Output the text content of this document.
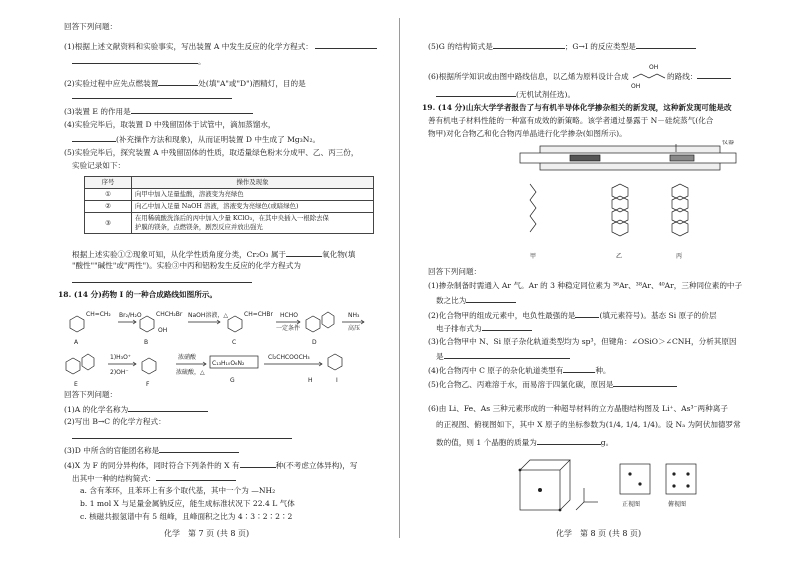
回答下列问题：
(1)根据上述文献资料和实验事实，写出装置 A 中发生反应的化学方程式：
。
(2)实验过程中应先点燃装置	处(填"A"或"D")酒精灯，目的是
(3)装置 E 的作用是
(4)实验完毕后，取装置 D 中残留固体于试管中，滴加蒸馏水，
(补充操作方法和现象)，从而证明装置 D 中生成了 Mg₃N₂。
(5)实验完毕后，探究装置 A 中残留固体的性质，取适量绿色粉末分成甲、乙、丙三份，
实验记录如下：
序号	操作及现象
①	向甲中加入足量盐酸，溶液变为亮绿色
②	向乙中加入足量 NaOH 溶液，溶液变为亮绿色(或暗绿色)
③	在用稀硫酸洗涤后的丙中加入少量 KClO₃，在其中央插入一根除去保
护膜的镁条，点燃镁条，剧烈反应并放出强光
根据上述实验①②现象可知，从化学性质角度分类，Cr₂O₃ 属于	氧化物(填
"酸性""碱性"或"两性")。实验③中丙和铝粉发生反应的化学方程式为
18. (14 分)药物 I 的一种合成路线如图所示。
CH=CH₂
A
Br₂/H₂O CHCH₂Br
OH
B
NaOH溶液，△	CH=CHBr
C
HCHO
一定条件
D
NH₃
高压
E
1)H₃O⁺
2)OH⁻
F
浓硝酸
浓硫酸，△
C₁₃H₁₀O₆N₂
G
Cl₂CHCOOCH₃
H	I
回答下列问题：
(1)A 的化学名称为
(2)写出 B→C 的化学方程式：
(3)D 中所含的官能团名称是
(4)X 为 F 的同分异构体，同时符合下列条件的 X 有	种(不考虑立体异构)，写
出其中一种的结构简式：
a. 含有苯环，且苯环上有多个取代基，其中一个为 —NH₂
b. 1 mol X 与足量金属钠反应，能生成标准状况下 22.4 L 气体
c. 核磁共振氢谱中有 5 组峰，且峰面积之比为 4∶3∶2∶2∶2
化学　第 7 页 (共 8 页)
(5)G 的结构简式是	；G→I 的反应类型是
(6)根据所学知识或由图中路线信息，以乙烯为原料设计合成
OH
OH
的路线：
(无机试剂任选)。
19. (14 分)山东大学学者报告了与有机半导体化学掺杂相关的新发现，这种新发现可能是改
善有机电子材料性能的一种富有成效的新策略。该学者通过暴露于 N－硅烷蒸气(化合
物甲)对化合物乙和化合物丙单晶进行化学掺杂(如图所示)。
仪器
甲	乙	丙
回答下列问题：
(1)掺杂制备时需通入 Ar 气。Ar 的 3 种稳定同位素为 ³⁶Ar、³⁸Ar、⁴⁰Ar，三种同位素的中子
数之比为
(2)化合物甲的组成元素中，电负性最强的是	(填元素符号)。基态 Si 原子的价层
电子排布式为
(3)化合物甲中 N、Si 原子杂化轨道类型均为 sp³，但键角：∠OSiO＞∠CNH，分析其原因
是
(4)化合物丙中 C 原子的杂化轨道类型有	种。
(5)化合物乙、丙难溶于水，而易溶于四氯化碳，原因是
(6)由 Li、Fe、As 三种元素形成的一种超导材料的立方晶胞结构图及 Li⁺、As³⁻两种离子
的正视图、俯视图如下，其中 X 原子的坐标参数为(1/4, 1/4, 1/4)。设 Nₐ 为阿伏加德罗常
数的值，则 1 个晶胞的质量为	g。
正视图	俯视图
化学　第 8 页 (共 8 页)
